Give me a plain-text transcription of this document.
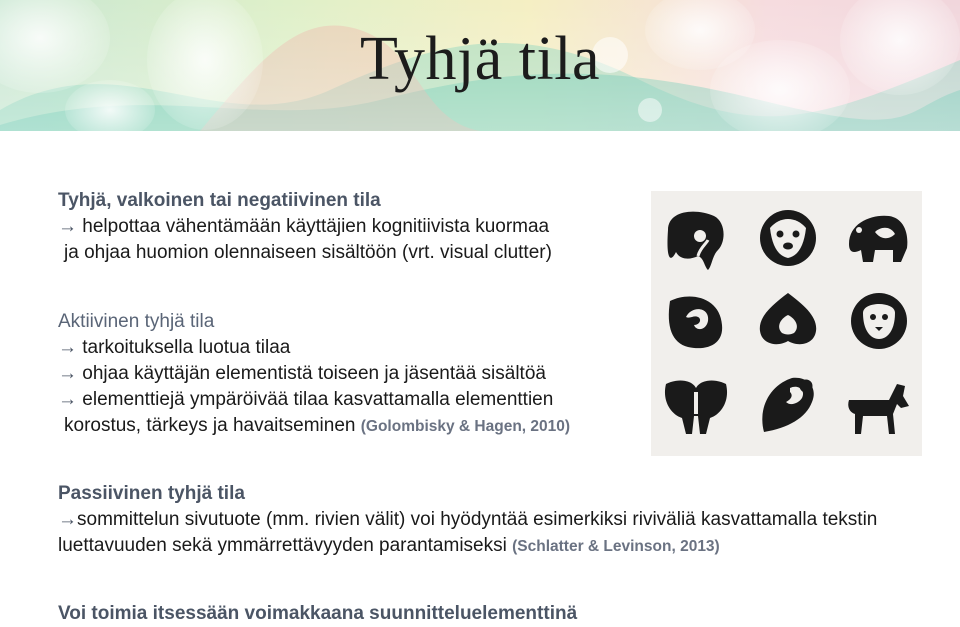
Tyhjä tila
Tyhjä, valkoinen tai negatiivinen tila
→ helpottaa vähentämään käyttäjien kognitiivista kuormaa
ja ohjaa huomion olennaiseen sisältöön (vrt. visual clutter)
Aktiivinen tyhjä tila
→ tarkoituksella luotua tilaa
→ ohjaa käyttäjän elementistä toiseen ja jäsentää sisältöä
→ elementtiejä ympäröivää tilaa kasvattamalla elementtien
korostus, tärkeys ja havaitseminen (Golombisky & Hagen, 2010)
Passiivinen tyhjä tila
→sommittelun sivutuote (mm. rivien välit) voi hyödyntää esimerkiksi riviväliä kasvattamalla tekstin
luettavuuden sekä ymmärrettävyyden parantamiseksi (Schlatter & Levinson, 2013)
Voi toimia itsessään voimakkaana suunnitteluelementtinä
